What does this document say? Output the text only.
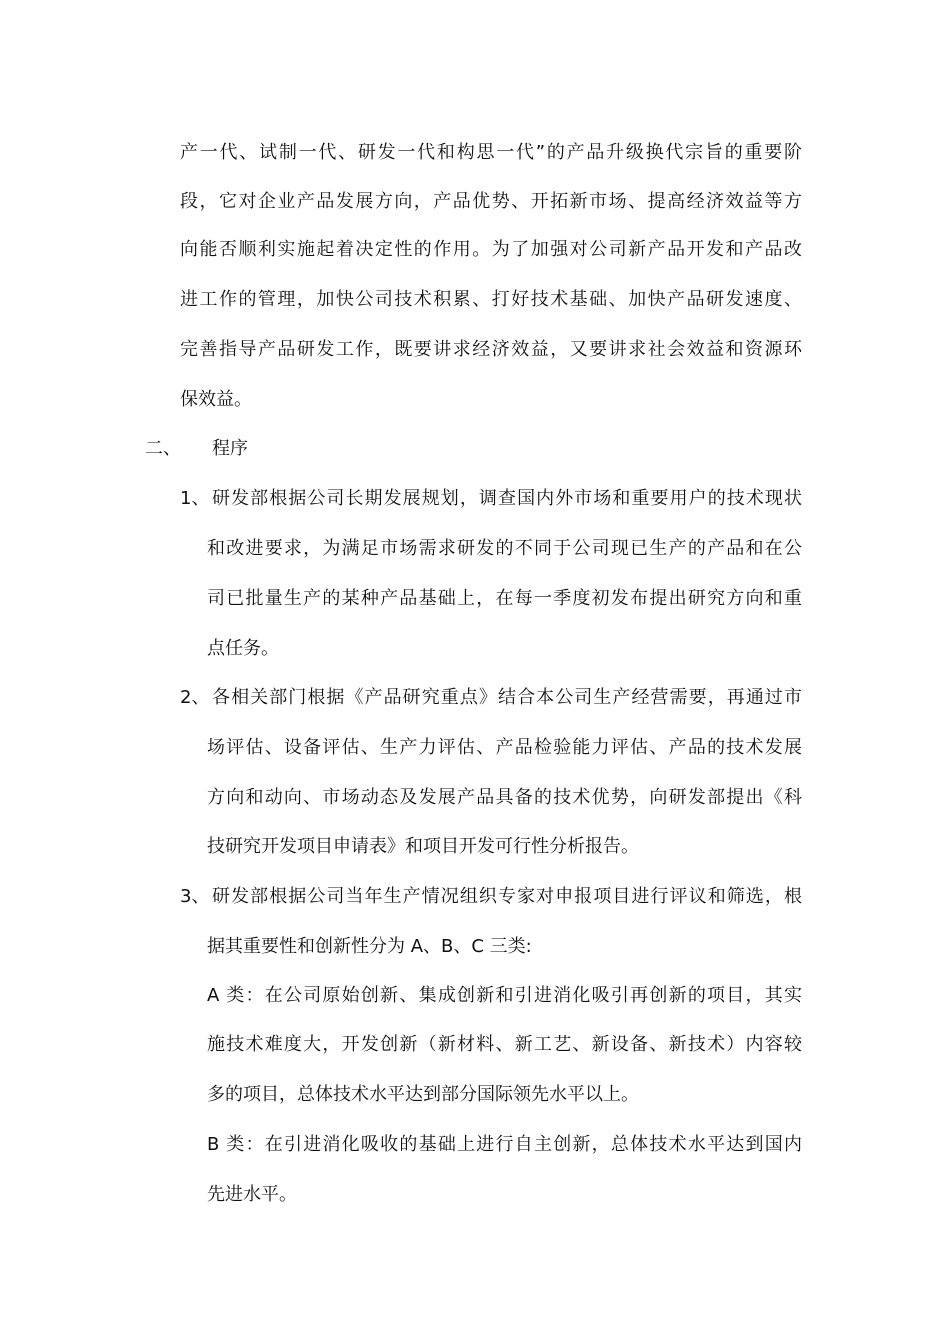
产一代、试制一代、研发一代和构思一代”的产品升级换代宗旨的重要阶

段，它对企业产品发展方向，产品优势、开拓新市场、提高经济效益等方

向能否顺利实施起着决定性的作用。为了加强对公司新产品开发和产品改

进工作的管理，加快公司技术积累、打好技术基础、加快产品研发速度、

完善指导产品研发工作，既要讲求经济效益，又要讲求社会效益和资源环

保效益。

二、 程序
1、 研发部根据公司长期发展规划，调查国内外市场和重要用户的技术现状

和改进要求，为满足市场需求研发的不同于公司现已生产的产品和在公

司已批量生产的某种产品基础上，在每一季度初发布提出研究方向和重

点任务。

2、 各相关部门根据《产品研究重点》结合本公司生产经营需要，再通过市

场评估、设备评估、生产力评估、产品检验能力评估、产品的技术发展

方向和动向、市场动态及发展产品具备的技术优势，向研发部提出《科

技研究开发项目申请表》和项目开发可行性分析报告。

3、 研发部根据公司当年生产情况组织专家对申报项目进行评议和筛选，根

据其重要性和创新性分为 A、B、C 三类:

A 类：在公司原始创新、集成创新和引进消化吸引再创新的项目，其实

施技术难度大，开发创新（新材料、新工艺、新设备、新技术）内容较

多的项目，总体技术水平达到部分国际领先水平以上。

B 类：在引进消化吸收的基础上进行自主创新，总体技术水平达到国内

先进水平。
